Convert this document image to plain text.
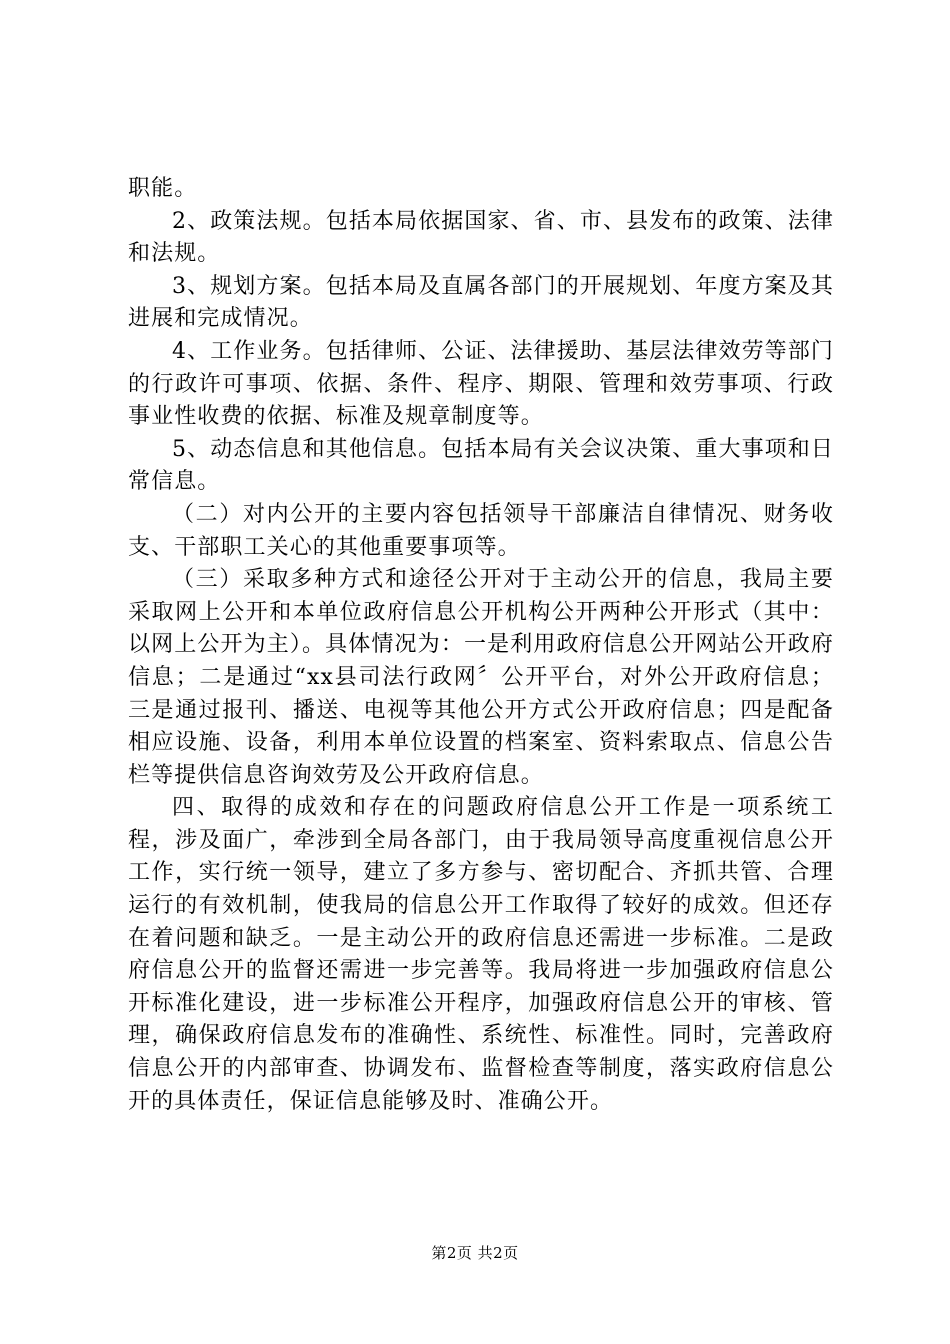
职能。

2、政策法规。包括本局依据国家、省、市、县发布的政策、法律和法规。

3、规划方案。包括本局及直属各部门的开展规划、年度方案及其进展和完成情况。

4、工作业务。包括律师、公证、法律援助、基层法律效劳等部门的行政许可事项、依据、条件、程序、期限、管理和效劳事项、行政事业性收费的依据、标准及规章制度等。

5、动态信息和其他信息。包括本局有关会议决策、重大事项和日常信息。

（二）对内公开的主要内容包括领导干部廉洁自律情况、财务收支、干部职工关心的其他重要事项等。

（三）采取多种方式和途径公开对于主动公开的信息，我局主要采取网上公开和本单位政府信息公开机构公开两种公开形式（其中：以网上公开为主）。具体情况为：一是利用政府信息公开网站公开政府信息；二是通过“xx县司法行政网〞公开平台，对外公开政府信息；三是通过报刊、播送、电视等其他公开方式公开政府信息；四是配备相应设施、设备，利用本单位设置的档案室、资料索取点、信息公告栏等提供信息咨询效劳及公开政府信息。

四、取得的成效和存在的问题政府信息公开工作是一项系统工程，涉及面广，牵涉到全局各部门，由于我局领导高度重视信息公开工作，实行统一领导，建立了多方参与、密切配合、齐抓共管、合理运行的有效机制，使我局的信息公开工作取得了较好的成效。但还存在着问题和缺乏。一是主动公开的政府信息还需进一步标准。二是政府信息公开的监督还需进一步完善等。我局将进一步加强政府信息公开标准化建设，进一步标准公开程序，加强政府信息公开的审核、管理，确保政府信息发布的准确性、系统性、标准性。同时，完善政府信息公开的内部审查、协调发布、监督检查等制度，落实政府信息公开的具体责任，保证信息能够及时、准确公开。

第2页 共2页
